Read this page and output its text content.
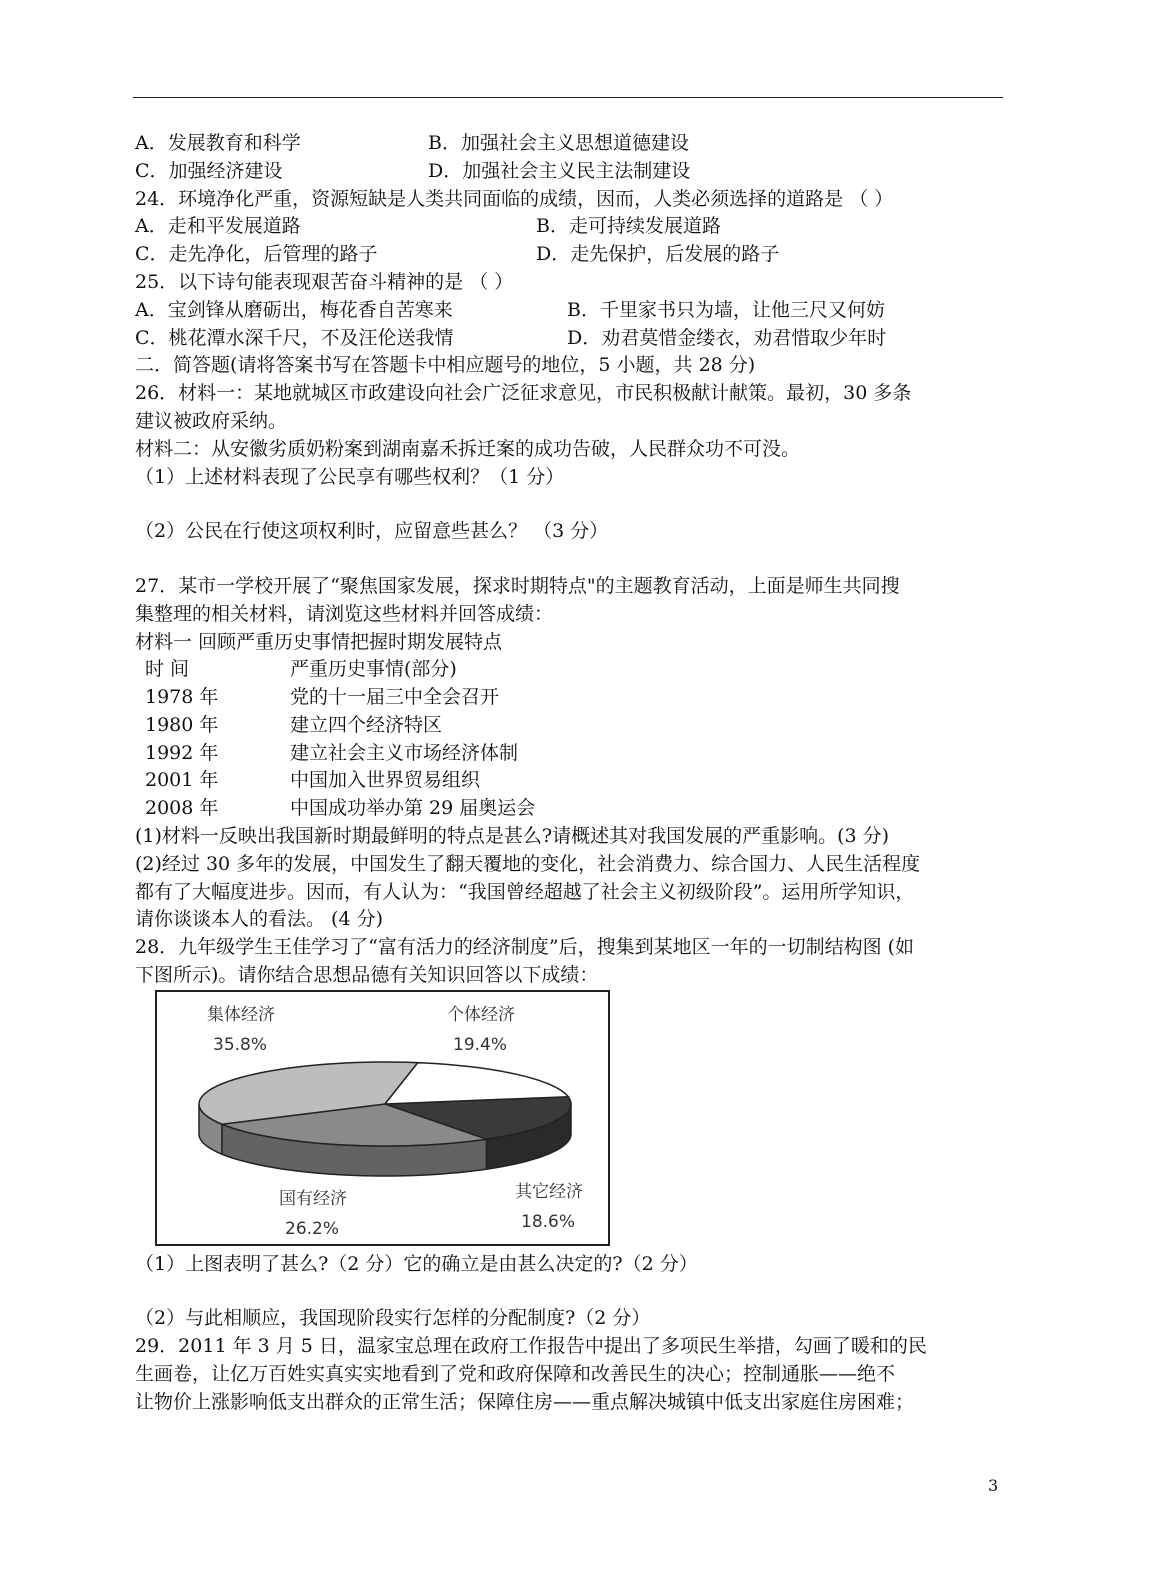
A．发展教育和科学	B．加强社会主义思想道德建设
C．加强经济建设	D．加强社会主义民主法制建设
24．环境净化严重，资源短缺是人类共同面临的成绩，因而，人类必须选择的道路是 （ ）
A．走和平发展道路	B．走可持续发展道路
C．走先净化，后管理的路子	D．走先保护，后发展的路子
25．以下诗句能表现艰苦奋斗精神的是 （ ）
A．宝剑锋从磨砺出，梅花香自苦寒来	B．千里家书只为墙，让他三尺又何妨
C．桃花潭水深千尺，不及汪伦送我情	D．劝君莫惜金缕衣，劝君惜取少年时
二．简答题(请将答案书写在答题卡中相应题号的地位，5 小题，共 28 分)
26．材料一：某地就城区市政建设向社会广泛征求意见，市民积极献计献策。最初，30 多条
建议被政府采纳。
材料二：从安徽劣质奶粉案到湖南嘉禾拆迁案的成功告破，人民群众功不可没。
（1）上述材料表现了公民享有哪些权利？（1 分）
（2）公民在行使这项权利时，应留意些甚么？ （3 分）
27．某市一学校开展了“聚焦国家发展，探求时期特点"的主题教育活动，上面是师生共同搜
集整理的相关材料，请浏览这些材料并回答成绩：
材料一 回顾严重历史事情把握时期发展特点
时 间	严重历史事情(部分)
1978 年	党的十一届三中全会召开
1980 年	建立四个经济特区
1992 年	建立社会主义市场经济体制
2001 年	中国加入世界贸易组织
2008 年	中国成功举办第 29 届奥运会
(1)材料一反映出我国新时期最鲜明的特点是甚么?请概述其对我国发展的严重影响。(3 分)
(2)经过 30 多年的发展，中国发生了翻天覆地的变化，社会消费力、综合国力、人民生活程度
都有了大幅度进步。因而，有人认为：“我国曾经超越了社会主义初级阶段”。运用所学知识，
请你谈谈本人的看法。 (4 分)
28．九年级学生王佳学习了“富有活力的经济制度”后，搜集到某地区一年的一切制结构图 (如
下图所示)。请你结合思想品德有关知识回答以下成绩：
集体经济
35.8%
个体经济
19.4%
其它经济
18.6%
国有经济
26.2%
（1）上图表明了甚么?（2 分）它的确立是由甚么决定的?（2 分）
（2）与此相顺应，我国现阶段实行怎样的分配制度?（2 分）
29．2011 年 3 月 5 日，温家宝总理在政府工作报告中提出了多项民生举措，勾画了暖和的民
生画卷，让亿万百姓实真实实地看到了党和政府保障和改善民生的决心；控制通胀——绝不
让物价上涨影响低支出群众的正常生活；保障住房——重点解决城镇中低支出家庭住房困难；
3
